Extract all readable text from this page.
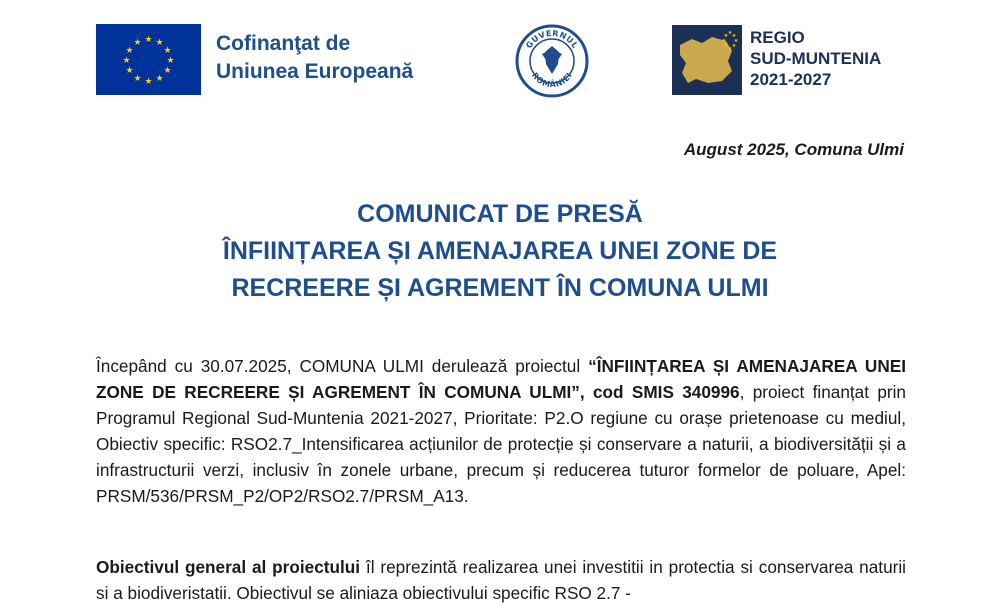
★ ★
★
★
★
★
★
★
★
★
★
★	Cofinanţat de
Uniunea Europeană
GUVERNUL
ROMÂNIEI
★ ★
★
★
★
★
★
★ REGIO
SUD-MUNTENIA
2021-2027
August 2025, Comuna Ulmi
COMUNICAT DE PRESĂ
ÎNFIINȚAREA ȘI AMENAJAREA UNEI ZONE DE
RECREERE ȘI AGREMENT ÎN COMUNA ULMI
Începând cu 30.07.2025, COMUNA ULMI derulează proiectul “ÎNFIINȚAREA ȘI AMENAJAREA UNEI ZONE DE RECREERE ȘI AGREMENT ÎN COMUNA ULMI”, cod SMIS 340996, proiect finanțat prin Programul Regional Sud-Muntenia 2021-2027, Prioritate: P2.O regiune cu orașe prietenoase cu mediul, Obiectiv specific: RSO2.7_Intensificarea acțiunilor de protecție și conservare a naturii, a biodiversității și a infrastructurii verzi, inclusiv în zonele urbane, precum și reducerea tuturor formelor de poluare, Apel: PRSM/536/PRSM_P2/OP2/RSO2.7/PRSM_A13.
Obiectivul general al proiectului îl reprezintă realizarea unei investitii in protectia si conservarea naturii si a biodiveristatii. Obiectivul se aliniaza obiectivului specific RSO 2.7 -
